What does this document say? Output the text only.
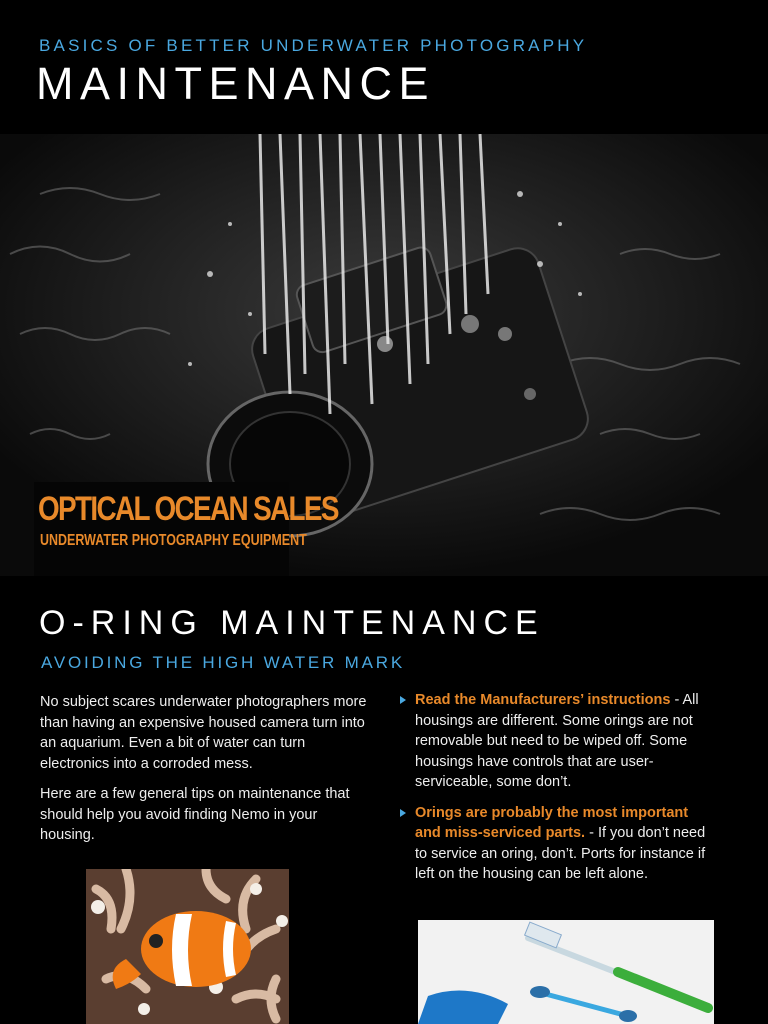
BASICS OF BETTER UNDERWATER PHOTOGRAPHY
MAINTENANCE
OPTICAL OCEAN SALES
UNDERWATER PHOTOGRAPHY EQUIPMENT
O-RING MAINTENANCE
AVOIDING THE HIGH WATER MARK

No subject scares underwater photographers more than having an expensive housed camera turn into an aquarium. Even a bit of water can turn electronics into a corroded mess.

Here are a few general tips on maintenance that should help you avoid finding Nemo in your housing.

Read the Manufacturers’ instructions - All housings are different. Some orings are not removable but need to be wiped off. Some housings have controls that are user-serviceable, some don’t.
Orings are probably the most important and miss-serviced parts. - If you don’t need to service an oring, don’t. Ports for instance if left on the housing can be left alone.
